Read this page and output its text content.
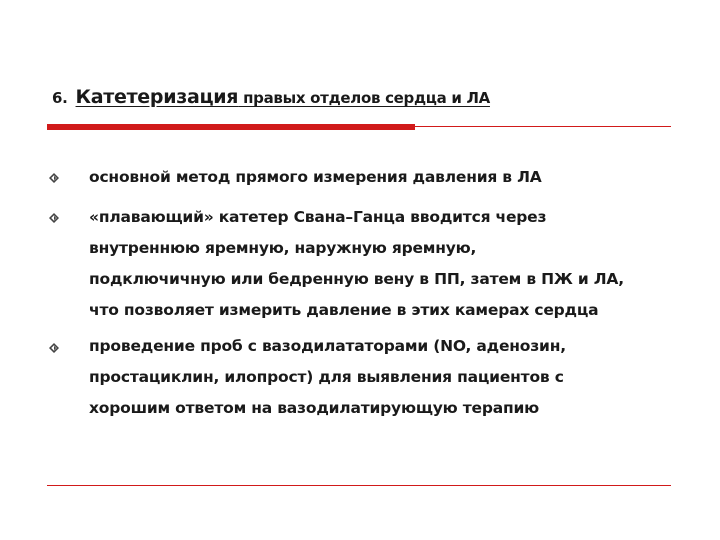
6. Катетеризация правых отделов сердца и ЛА
основной метод прямого измерения давления в ЛА
«плавающий» катетер Свана–Ганца вводится через
внутреннюю яремную, наружную яремную,
подключичную или бедренную вену в ПП, затем в ПЖ и ЛА,
что позволяет измерить давление в этих камерах сердца
проведение проб с вазодилататорами (NO, аденозин,
простациклин, илопрост) для выявления пациентов с
хорошим ответом на вазодилатирующую терапию
